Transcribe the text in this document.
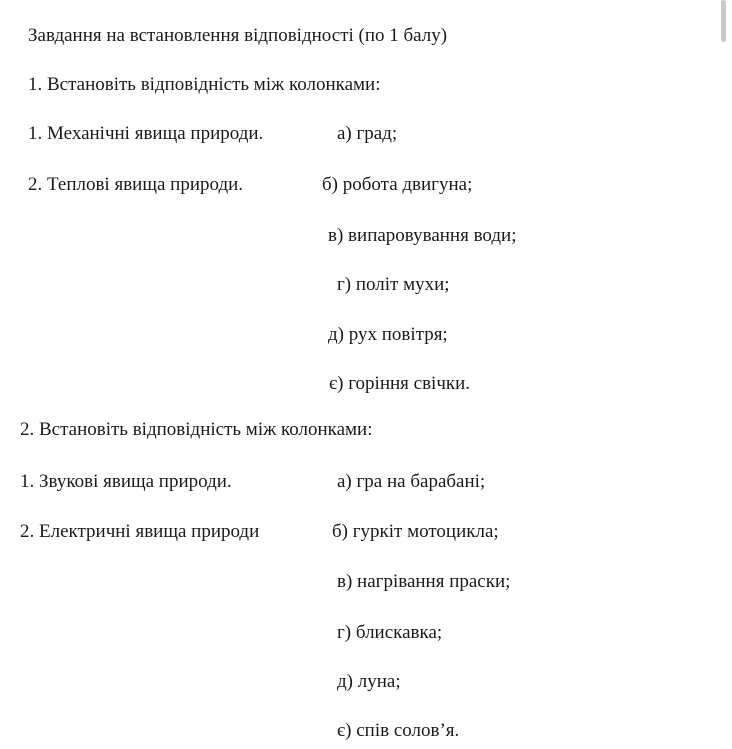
Завдання на встановлення відповідності (по 1 балу)
1. Встановіть відповідність між колонками:
1. Механічні явища природи.	а) град;
2. Теплові явища природи.	б) робота двигуна;
в) випаровування води;
г) політ мухи;
д) рух повітря;
є) горіння свічки.
2. Встановіть відповідність між колонками:
1. Звукові явища природи.	а) гра на барабані;
2. Електричні явища природи	б) гуркіт мотоцикла;
в) нагрівання праски;
г) блискавка;
д) луна;
є) спів солов’я.
